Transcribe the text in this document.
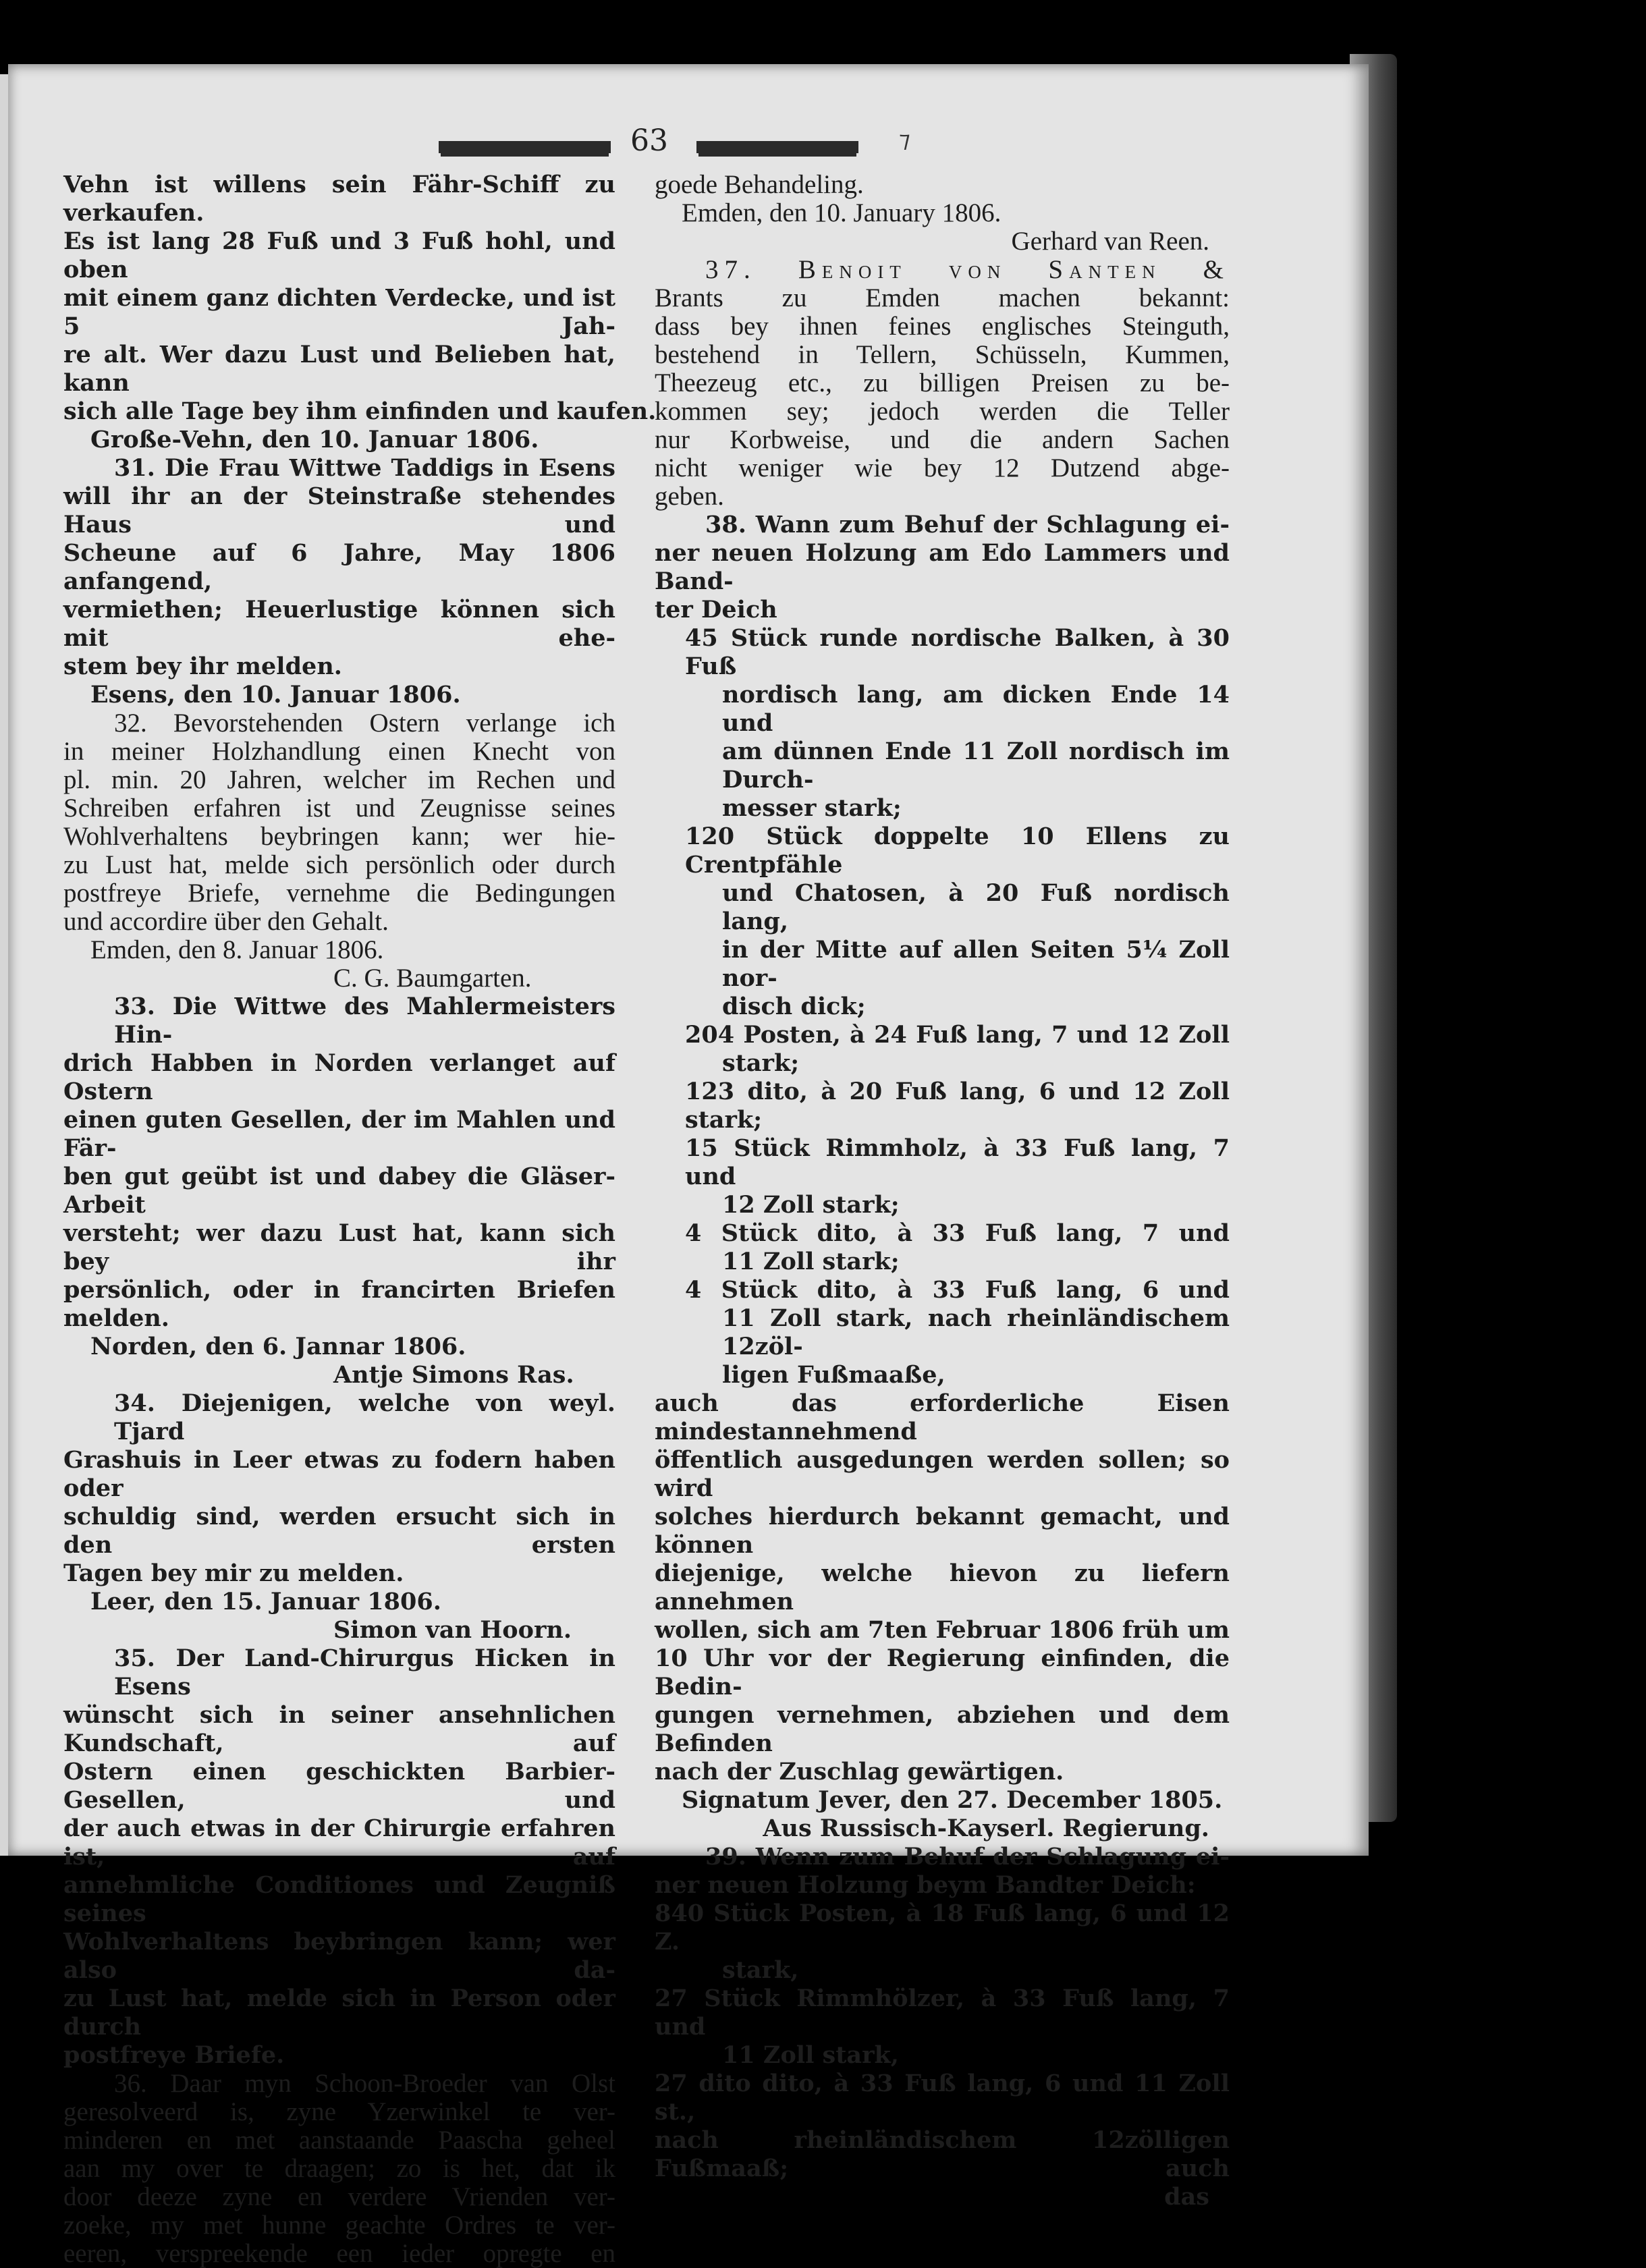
63	⁊
Vehn ist willens sein Fähr-Schiff zu verkaufen.
Es ist lang 28 Fuß und 3 Fuß hohl, und oben
mit einem ganz dichten Verdecke, und ist 5 Jah-
re alt. Wer dazu Lust und Belieben hat, kann
sich alle Tage bey ihm einfinden und kaufen.
Große-Vehn, den 10. Januar 1806.
31. Die Frau Wittwe Taddigs in Esens
will ihr an der Steinstraße stehendes Haus und
Scheune auf 6 Jahre, May 1806 anfangend,
vermiethen; Heuerlustige können sich mit ehe-
stem bey ihr melden.
Esens, den 10. Januar 1806.
32. Bevorstehenden Ostern verlange ich
in meiner Holzhandlung einen Knecht von
pl. min. 20 Jahren, welcher im Rechen und
Schreiben erfahren ist und Zeugnisse seines
Wohlverhaltens beybringen kann; wer hie-
zu Lust hat, melde sich persönlich oder durch
postfreye Briefe, vernehme die Bedingungen
und accordire über den Gehalt.
Emden, den 8. Januar 1806.
C. G. Baumgarten.
33. Die Wittwe des Mahlermeisters Hin-
drich Habben in Norden verlanget auf Ostern
einen guten Gesellen, der im Mahlen und Fär-
ben gut geübt ist und dabey die Gläser-Arbeit
versteht; wer dazu Lust hat, kann sich bey ihr
persönlich, oder in francirten Briefen melden.
Norden, den 6. Jannar 1806.
Antje Simons Ras.
34. Diejenigen, welche von weyl. Tjard
Grashuis in Leer etwas zu fodern haben oder
schuldig sind, werden ersucht sich in den ersten
Tagen bey mir zu melden.
Leer, den 15. Januar 1806.
Simon van Hoorn.
35. Der Land-Chirurgus Hicken in Esens
wünscht sich in seiner ansehnlichen Kundschaft, auf
Ostern einen geschickten Barbier-Gesellen, und
der auch etwas in der Chirurgie erfahren ist, auf
annehmliche Conditiones und Zeugniß seines
Wohlverhaltens beybringen kann; wer also da-
zu Lust hat, melde sich in Person oder durch
postfreye Briefe.
36. Daar myn Schoon-Broeder van Olst
geresolveerd is, zyne Yzerwinkel te ver-
minderen en met aanstaande Paascha geheel
aan my over te draagen; zo is het, dat ik
door deeze zyne en verdere Vrienden ver-
zoeke, my met hunne geachte Ordres te ver-
eeren, verspreekende een ieder opregte en
goede Behandeling.
Emden, den 10. January 1806.
Gerhard van Reen.
37. Benoit von Santen &
Brants zu Emden machen bekannt:
dass bey ihnen feines englisches Steinguth,
bestehend in Tellern, Schüsseln, Kummen,
Theezeug etc., zu billigen Preisen zu be-
kommen sey; jedoch werden die Teller
nur Korbweise, und die andern Sachen
nicht weniger wie bey 12 Dutzend abge-
geben.
38. Wann zum Behuf der Schlagung ei-
ner neuen Holzung am Edo Lammers und Band-
ter Deich
45 Stück runde nordische Balken, à 30 Fuß
nordisch lang, am dicken Ende 14 und
am dünnen Ende 11 Zoll nordisch im Durch-
messer stark;
120 Stück doppelte 10 Ellens zu Crentpfähle
und Chatosen, à 20 Fuß nordisch lang,
in der Mitte auf allen Seiten 5¼ Zoll nor-
disch dick;
204 Posten, à 24 Fuß lang, 7 und 12 Zoll
stark;
123 dito, à 20 Fuß lang, 6 und 12 Zoll stark;
15 Stück Rimmholz, à 33 Fuß lang, 7 und
12 Zoll stark;
4 Stück dito, à 33 Fuß lang, 7 und
11 Zoll stark;
4 Stück dito, à 33 Fuß lang, 6 und
11 Zoll stark, nach rheinländischem 12zöl-
ligen Fußmaaße,
auch das erforderliche Eisen mindestannehmend
öffentlich ausgedungen werden sollen; so wird
solches hierdurch bekannt gemacht, und können
diejenige, welche hievon zu liefern annehmen
wollen, sich am 7ten Februar 1806 früh um
10 Uhr vor der Regierung einfinden, die Bedin-
gungen vernehmen, abziehen und dem Befinden
nach der Zuschlag gewärtigen.
Signatum Jever, den 27. December 1805.
Aus Russisch-Kayserl. Regierung.
39. Wenn zum Behuf der Schlagung ei-
ner neuen Holzung beym Bandter Deich:
840 Stück Posten, à 18 Fuß lang, 6 und 12 Z.
stark,
27 Stück Rimmhölzer, à 33 Fuß lang, 7 und
11 Zoll stark,
27 dito dito, à 33 Fuß lang, 6 und 11 Zoll st.,
nach rheinländischem 12zölligen Fußmaaß; auch
das
